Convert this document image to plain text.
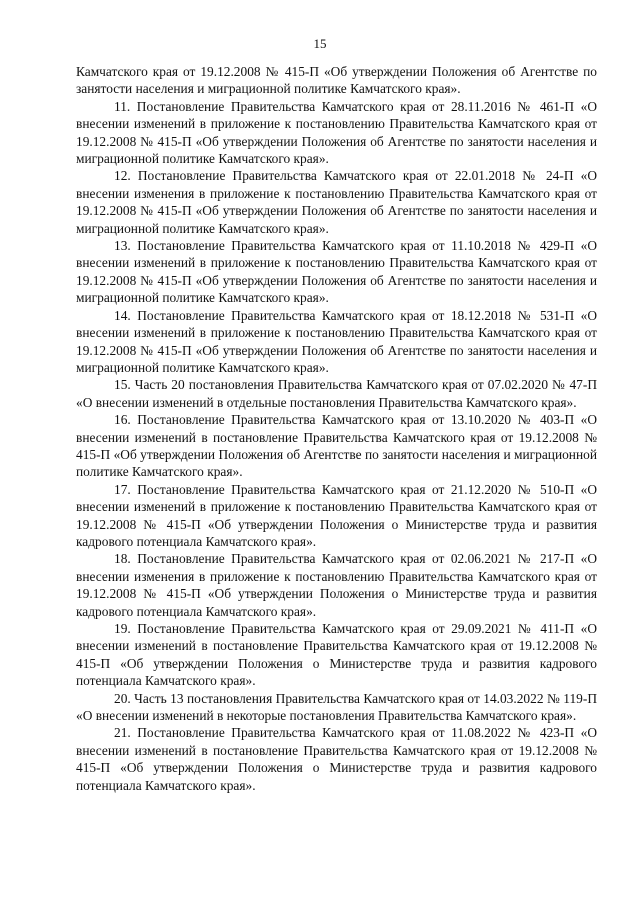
15

Камчатского края от 19.12.2008 № 415-П «Об утверждении Положения об Агентстве по занятости населения и миграционной политике Камчатского края».

11. Постановление Правительства Камчатского края от 28.11.2016 № 461-П «О внесении изменений в приложение к постановлению Правительства Камчатского края от 19.12.2008 № 415-П «Об утверждении Положения об Агентстве по занятости населения и миграционной политике Камчатского края».

12. Постановление Правительства Камчатского края от 22.01.2018 № 24-П «О внесении изменения в приложение к постановлению Правительства Камчатского края от 19.12.2008 № 415-П «Об утверждении Положения об Агентстве по занятости населения и миграционной политике Камчатского края».

13. Постановление Правительства Камчатского края от 11.10.2018 № 429-П «О внесении изменений в приложение к постановлению Правительства Камчатского края от 19.12.2008 № 415-П «Об утверждении Положения об Агентстве по занятости населения и миграционной политике Камчатского края».

14. Постановление Правительства Камчатского края от 18.12.2018 № 531-П «О внесении изменений в приложение к постановлению Правительства Камчатского края от 19.12.2008 № 415-П «Об утверждении Положения об Агентстве по занятости населения и миграционной политике Камчатского края».

15. Часть 20 постановления Правительства Камчатского края от 07.02.2020 № 47-П «О внесении изменений в отдельные постановления Правительства Камчатского края».

16. Постановление Правительства Камчатского края от 13.10.2020 № 403-П «О внесении изменений в постановление Правительства Камчатского края от 19.12.2008 № 415-П «Об утверждении Положения об Агентстве по занятости населения и миграционной политике Камчатского края».

17. Постановление Правительства Камчатского края от 21.12.2020 № 510-П «О внесении изменений в приложение к постановлению Правительства Камчатского края от 19.12.2008 № 415-П «Об утверждении Положения о Министерстве труда и развития кадрового потенциала Камчатского края».

18. Постановление Правительства Камчатского края от 02.06.2021 № 217-П «О внесении изменения в приложение к постановлению Правительства Камчатского края от 19.12.2008 № 415-П «Об утверждении Положения о Министерстве труда и развития кадрового потенциала Камчатского края».

19. Постановление Правительства Камчатского края от 29.09.2021 № 411-П «О внесении изменений в постановление Правительства Камчатского края от 19.12.2008 № 415-П «Об утверждении Положения о Министерстве труда и развития кадрового потенциала Камчатского края».

20. Часть 13 постановления Правительства Камчатского края от 14.03.2022 № 119-П «О внесении изменений в некоторые постановления Правительства Камчатского края».

21. Постановление Правительства Камчатского края от 11.08.2022 № 423-П «О внесении изменений в постановление Правительства Камчатского края от 19.12.2008 № 415-П «Об утверждении Положения о Министерстве труда и развития кадрового потенциала Камчатского края».
